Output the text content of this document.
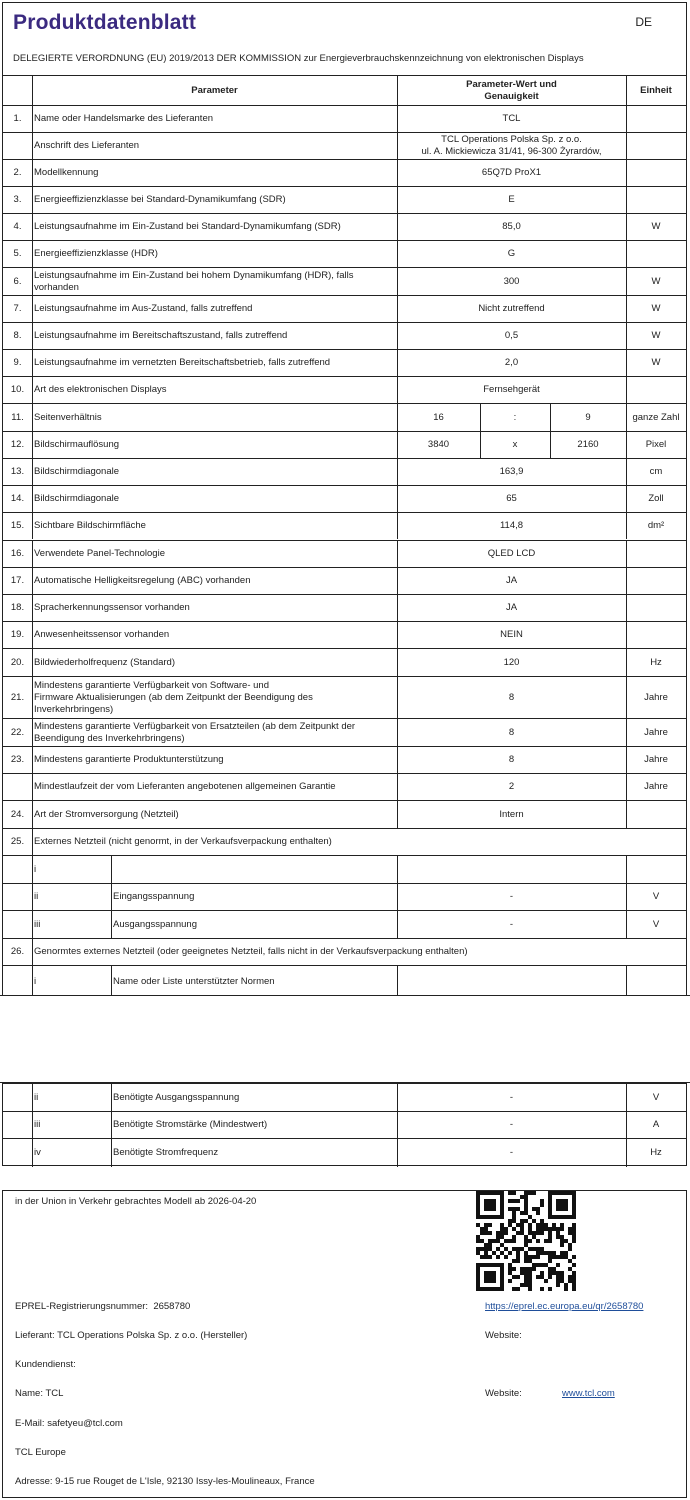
Produktdatenblatt	DE
DELEGIERTE VERORDNUNG (EU) 2019/2013 DER KOMMISSION zur Energieverbrauchskennzeichnung von elektronischen Displays
Parameter
Parameter-Wert und
Genauigkeit
Einheit
1.	Name oder Handelsmarke des Lieferanten	TCL
Anschrift des Lieferanten
TCL Operations Polska Sp. z o.o.
ul. A. Mickiewicza 31/41, 96-300 Żyrardów,
2.	Modellkennung	65Q7D ProX1
3.	Energieeffizienzklasse bei Standard-Dynamikumfang (SDR)	E
4.	Leistungsaufnahme im Ein-Zustand bei Standard-Dynamikumfang (SDR)	85,0	W
5.	Energieeffizienzklasse (HDR)	G
6.
Leistungsaufnahme im Ein-Zustand bei hohem Dynamikumfang (HDR), falls
vorhanden
300	W
7.	Leistungsaufnahme im Aus-Zustand, falls zutreffend	Nicht zutreffend	W
8.	Leistungsaufnahme im Bereitschaftszustand, falls zutreffend	0,5	W
9.	Leistungsaufnahme im vernetzten Bereitschaftsbetrieb, falls zutreffend	2,0	W
10.	Art des elektronischen Displays	Fernsehgerät
11.	Seitenverhältnis	16	:	9	ganze Zahl
12.	Bildschirmauflösung	3840	x	2160	Pixel
13.	Bildschirmdiagonale	163,9	cm
14.	Bildschirmdiagonale	65	Zoll
15.	Sichtbare Bildschirmfläche	114,8	dm²
16.	Verwendete Panel-Technologie	QLED LCD
17.	Automatische Helligkeitsregelung (ABC) vorhanden	JA
18.	Spracherkennungssensor vorhanden	JA
19.	Anwesenheitssensor vorhanden	NEIN
20.	Bildwiederholfrequenz (Standard)	120	Hz
21.
Mindestens garantierte Verfügbarkeit von Software- und
Firmware Aktualisierungen (ab dem Zeitpunkt der Beendigung des
Inverkehrbringens)
8	Jahre
22.
Mindestens garantierte Verfügbarkeit von Ersatzteilen (ab dem Zeitpunkt der
Beendigung des Inverkehrbringens)
8	Jahre
23.	Mindestens garantierte Produktunterstützung	8	Jahre
Mindestlaufzeit der vom Lieferanten angebotenen allgemeinen Garantie	2	Jahre
24.	Art der Stromversorgung (Netzteil)	Intern
25.	Externes Netzteil (nicht genormt, in der Verkaufsverpackung enthalten)
i
ii	Eingangsspannung	-	V
iii	Ausgangsspannung	-	V
26.	Genormtes externes Netzteil (oder geeignetes Netzteil, falls nicht in der Verkaufsverpackung enthalten)
i	Name oder Liste unterstützter Normen
ii	Benötigte Ausgangsspannung	-	V
iii	Benötigte Stromstärke (Mindestwert)	-	A
iv	Benötigte Stromfrequenz	-	Hz
in der Union in Verkehr gebrachtes Modell ab 2026-04-20
EPREL-Registrierungsnummer: 2658780	https://eprel.ec.europa.eu/qr/2658780
Lieferant: TCL Operations Polska Sp. z o.o. (Hersteller)	Website:
Kundendienst:
Name: TCL	Website:	www.tcl.com
E-Mail: safetyeu@tcl.com
TCL Europe
Adresse: 9-15 rue Rouget de L'Isle, 92130 Issy-les-Moulineaux, France
